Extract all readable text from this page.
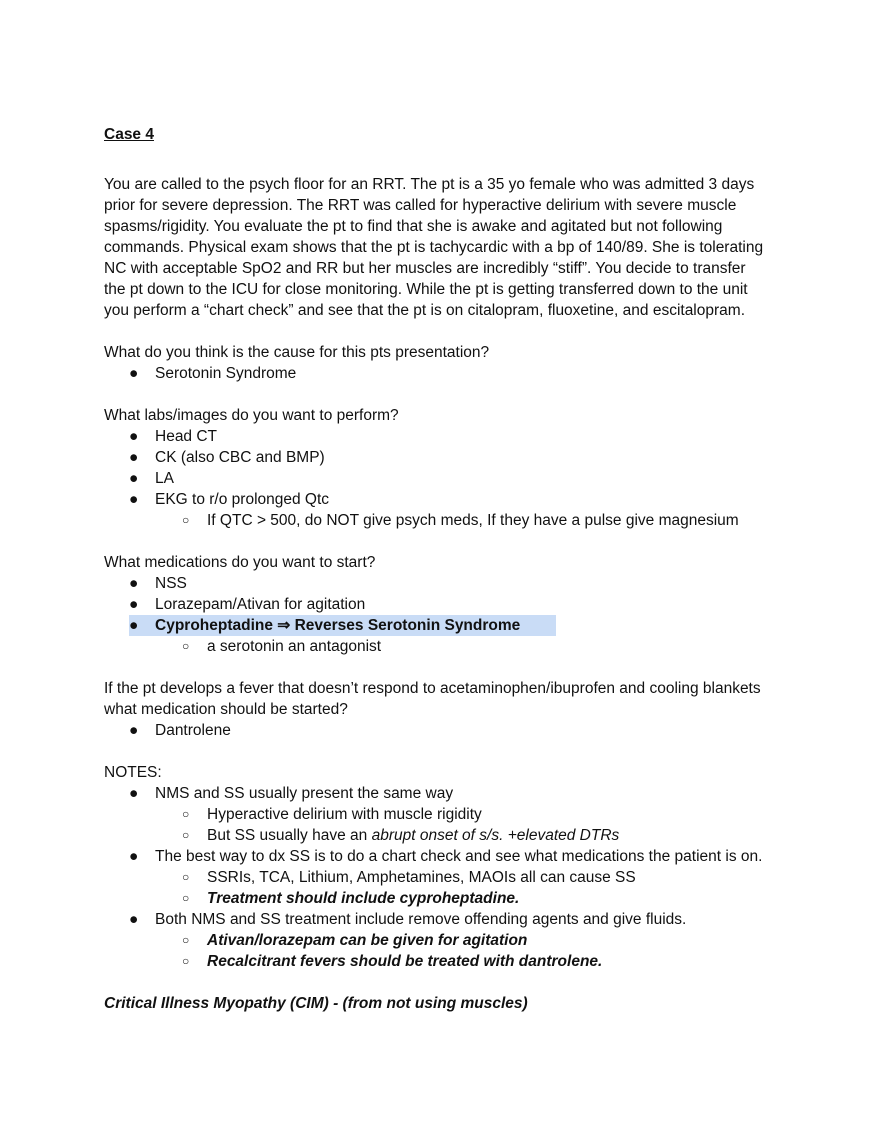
Case 4

You are called to the psych floor for an RRT. The pt is a 35 yo female who was admitted 3 days

prior for severe depression. The RRT was called for hyperactive delirium with severe muscle

spasms/rigidity. You evaluate the pt to find that she is awake and agitated but not following

commands. Physical exam shows that the pt is tachycardic with a bp of 140/89. She is tolerating

NC with acceptable SpO2 and RR but her muscles are incredibly “stiff”. You decide to transfer

the pt down to the ICU for close monitoring. While the pt is getting transferred down to the unit

you perform a “chart check” and see that the pt is on citalopram, fluoxetine, and escitalopram.

What do you think is the cause for this pts presentation?

● Serotonin Syndrome

What labs/images do you want to perform?

● Head CT
● CK (also CBC and BMP)
● LA
● EKG to r/o prolonged Qtc
○ If QTC > 500, do NOT give psych meds, If they have a pulse give magnesium

What medications do you want to start?

● NSS
● Lorazepam/Ativan for agitation
● Cyproheptadine ⇒ Reverses Serotonin Syndrome
○ a serotonin an antagonist

If the pt develops a fever that doesn’t respond to acetaminophen/ibuprofen and cooling blankets

what medication should be started?

● Dantrolene

NOTES:

● NMS and SS usually present the same way
○ Hyperactive delirium with muscle rigidity
○ But SS usually have an abrupt onset of s/s. +elevated DTRs
● The best way to dx SS is to do a chart check and see what medications the patient is on.
○ SSRIs, TCA, Lithium, Amphetamines, MAOIs all can cause SS
○ Treatment should include cyproheptadine.
● Both NMS and SS treatment include remove offending agents and give fluids.
○ Ativan/lorazepam can be given for agitation
○ Recalcitrant fevers should be treated with dantrolene.

Critical Illness Myopathy (CIM) - (from not using muscles)
